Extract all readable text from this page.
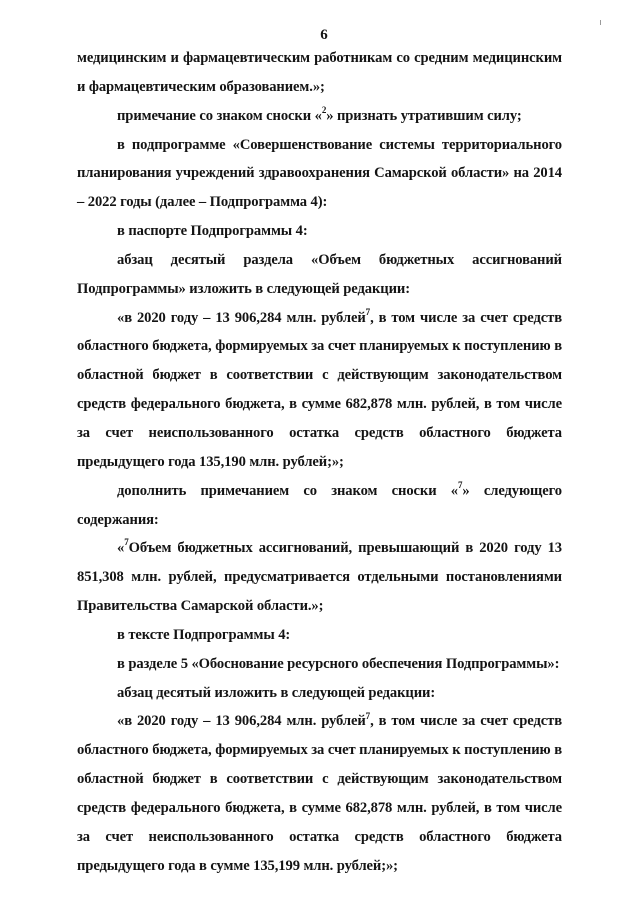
6

медицинским и фармацевтическим работникам со средним медицинским и фармацевтическим образованием.»;

примечание со знаком сноски «$^2$» признать утратившим силу;

в подпрограмме «Совершенствование системы территориального планирования учреждений здравоохранения Самарской области» на 2014 – 2022 годы (далее – Подпрограмма 4):

в паспорте Подпрограммы 4:

абзац десятый раздела «Объем бюджетных ассигнований Подпрограммы» изложить в следующей редакции:

«в 2020 году – 13 906,284 млн. рублей$^7$, в том числе за счет средств областного бюджета, формируемых за счет планируемых к поступлению в областной бюджет в соответствии с действующим законодательством средств федерального бюджета, в сумме 682,878 млн. рублей, в том числе за счет неиспользованного остатка средств областного бюджета предыдущего года 135,190 млн. рублей;»;

дополнить примечанием со знаком сноски «$^7$» следующего содержания:

«$^7$Объем бюджетных ассигнований, превышающий в 2020 году 13 851,308 млн. рублей, предусматривается отдельными постановлениями Правительства Самарской области.»;

в тексте Подпрограммы 4:

в разделе 5 «Обоснование ресурсного обеспечения Подпрограммы»:

абзац десятый изложить в следующей редакции:

«в 2020 году – 13 906,284 млн. рублей$^7$, в том числе за счет средств областного бюджета, формируемых за счет планируемых к поступлению в областной бюджет в соответствии с действующим законодательством средств федерального бюджета, в сумме 682,878 млн. рублей, в том числе за счет неиспользованного остатка средств областного бюджета предыдущего года в сумме 135,199 млн. рублей;»;
